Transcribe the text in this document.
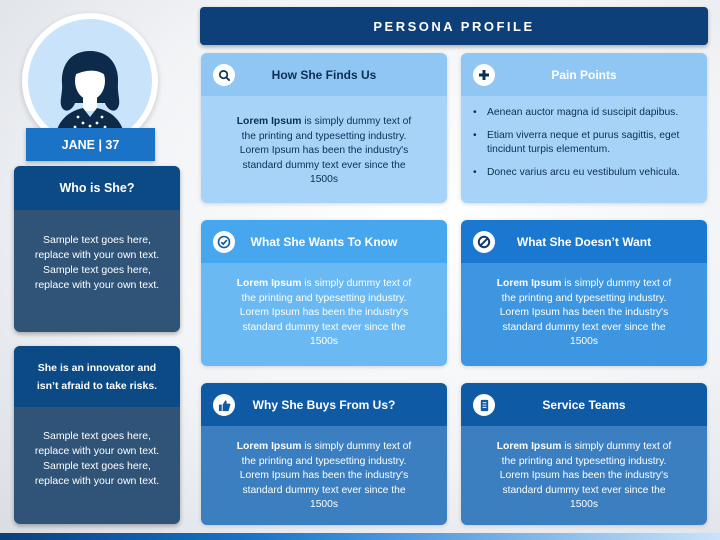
JANE | 37
Who is She?
Sample text goes here, replace with your own text. Sample text goes here, replace with your own text.
She is an innovator and isn’t afraid to take risks.
Sample text goes here, replace with your own text. Sample text goes here, replace with your own text.
PERSONA PROFILE
How She Finds Us
Lorem Ipsum is simply dummy text of the printing and typesetting industry. Lorem Ipsum has been the industry's standard dummy text ever since the 1500s
Pain Points
• Aenean auctor magna id suscipit dapibus.
• Etiam viverra neque et purus sagittis, eget tincidunt turpis elementum.
• Donec varius arcu eu vestibulum vehicula.
What She Wants To Know
Lorem Ipsum is simply dummy text of the printing and typesetting industry. Lorem Ipsum has been the industry's standard dummy text ever since the 1500s
What She Doesn’t Want
Lorem Ipsum is simply dummy text of the printing and typesetting industry. Lorem Ipsum has been the industry's standard dummy text ever since the 1500s
Why She Buys From Us?
Lorem Ipsum is simply dummy text of the printing and typesetting industry. Lorem Ipsum has been the industry's standard dummy text ever since the 1500s
Service Teams
Lorem Ipsum is simply dummy text of the printing and typesetting industry. Lorem Ipsum has been the industry's standard dummy text ever since the 1500s
